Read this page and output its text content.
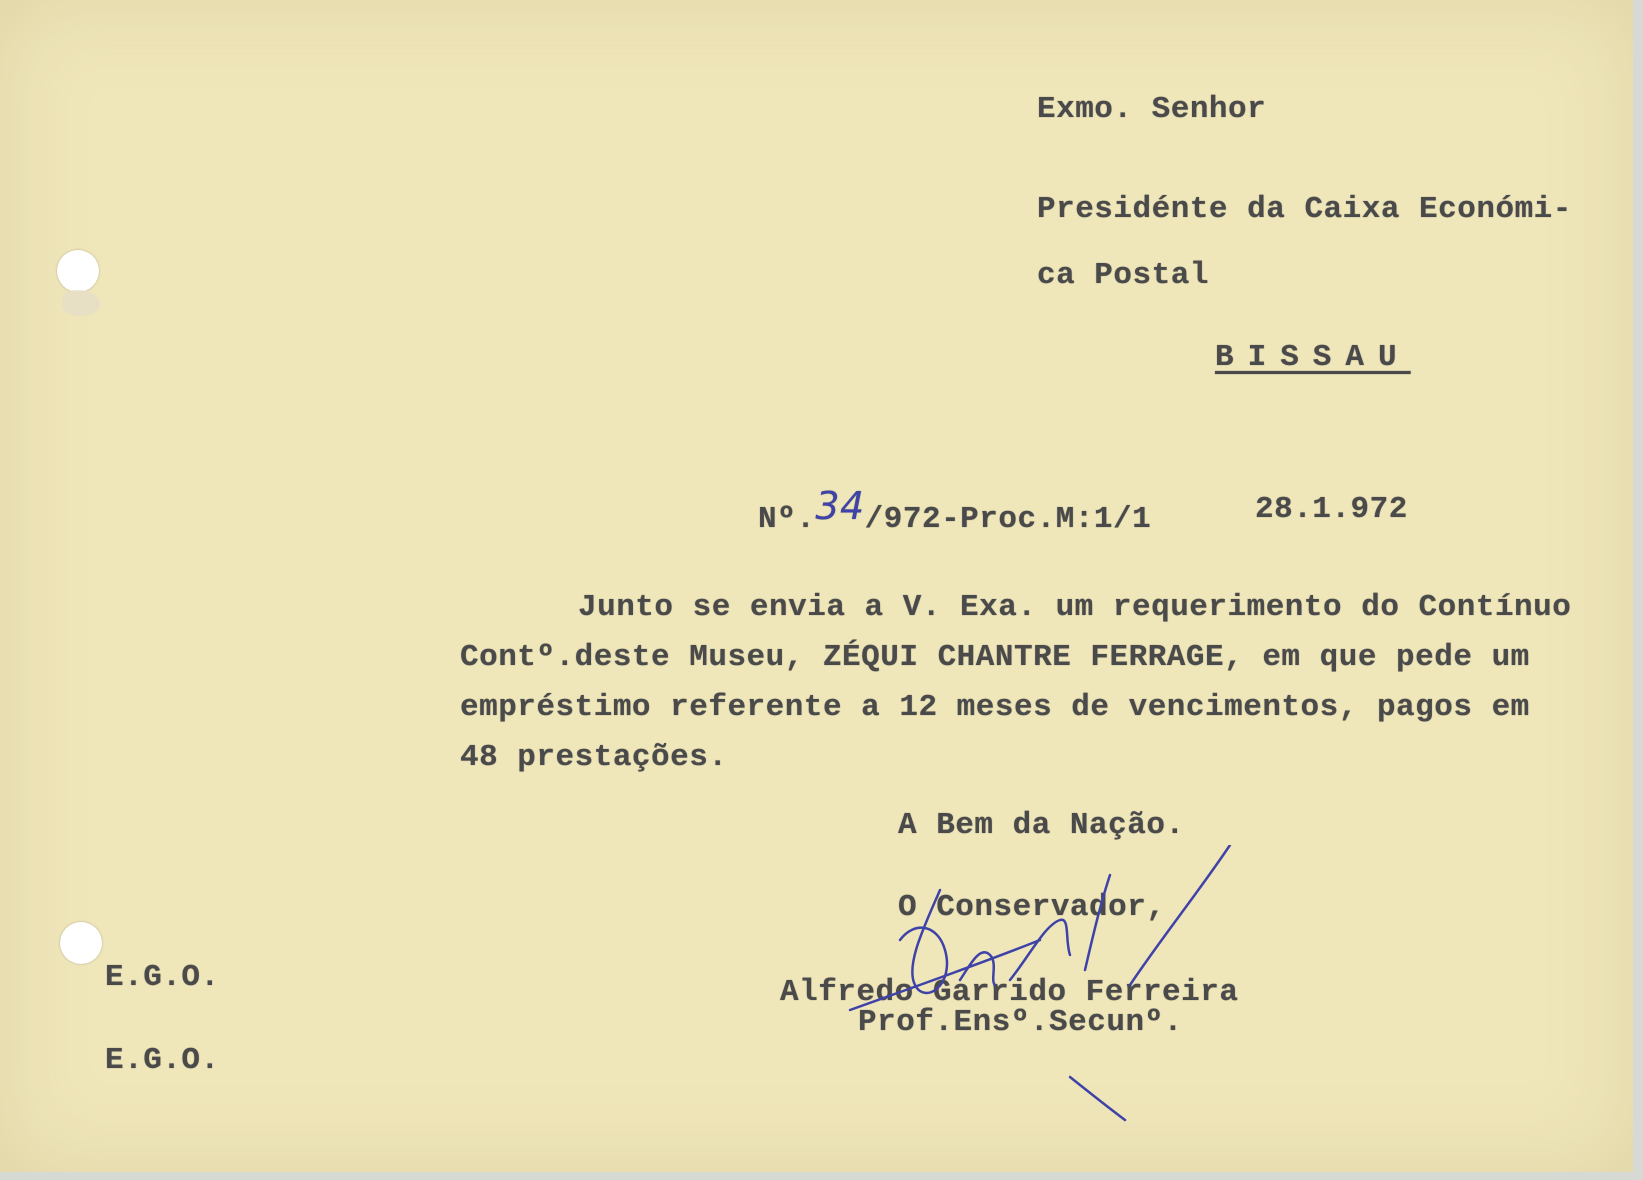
Exmo. Senhor
Presidénte da Caixa Económi-
ca Postal
BISSAU
Nº.34/972-Proc.M:1/1	28.1.972
Junto se envia a V. Exa. um requerimento do Contínuo
Contº.deste Museu, ZÉQUI CHANTRE FERRAGE, em que pede um
empréstimo referente a 12 meses de vencimentos, pagos em
48 prestações.
A Bem da Nação.
O Conservador,
Alfredo Garrido Ferreira
Prof.Ensº.Secunº.
E.G.O.
E.G.O.
